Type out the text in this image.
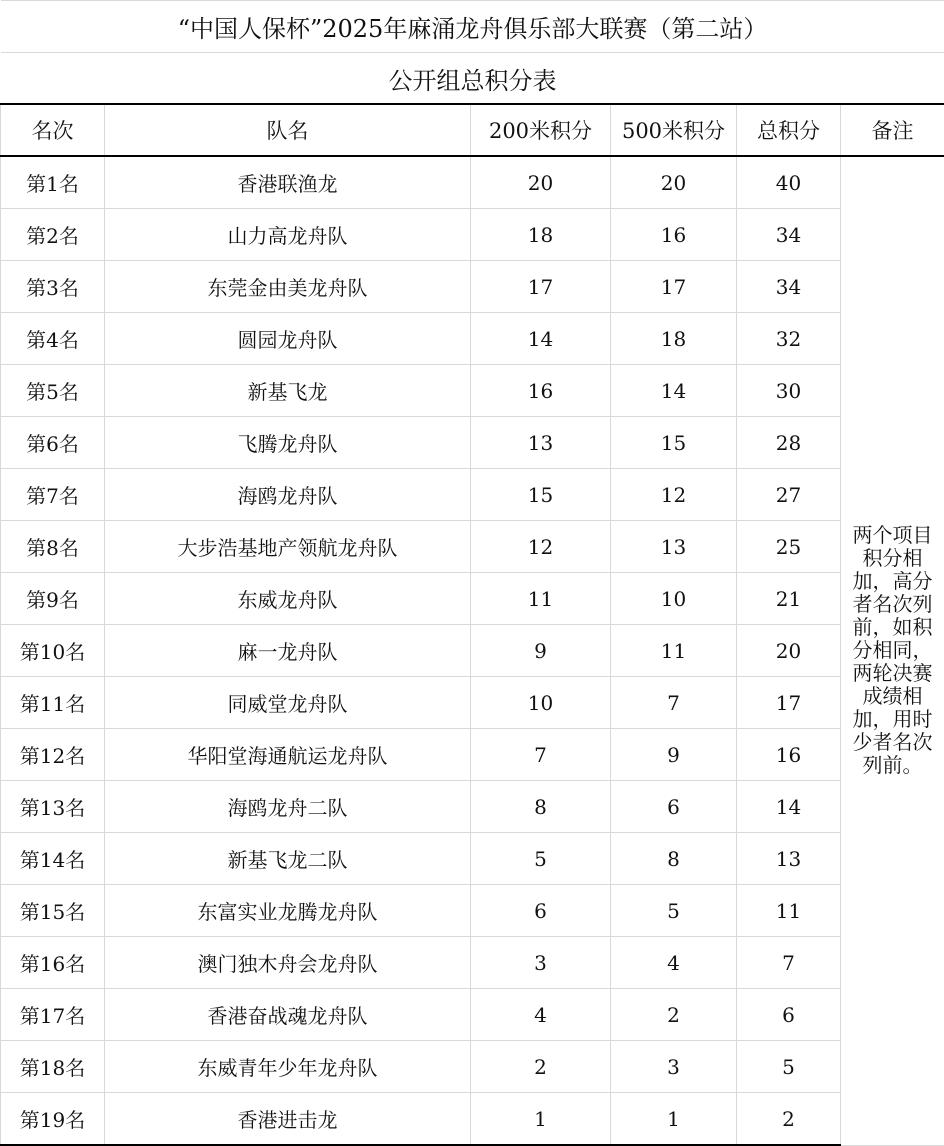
“中国人保杯”2025年麻涌龙舟俱乐部大联赛（第二站）					
公开组总积分表					
名次	队名	200米积分	500米积分	总积分	备注
第1名	香港联渔龙	20	20	40	两个项目积分相加，高分者名次列前，如积分相同，两轮决赛成绩相加，用时少者名次列前。
第2名	山力高龙舟队	18	16	34	
第3名	东莞金由美龙舟队	17	17	34	
第4名	圆园龙舟队	14	18	32	
第5名	新基飞龙	16	14	30	
第6名	飞腾龙舟队	13	15	28	
第7名	海鸥龙舟队	15	12	27	
第8名	大步浩基地产领航龙舟队	12	13	25	
第9名	东威龙舟队	11	10	21	
第10名	麻一龙舟队	9	11	20	
第11名	同威堂龙舟队	10	7	17	
第12名	华阳堂海通航运龙舟队	7	9	16	
第13名	海鸥龙舟二队	8	6	14	
第14名	新基飞龙二队	5	8	13	
第15名	东富实业龙腾龙舟队	6	5	11	
第16名	澳门独木舟会龙舟队	3	4	7	
第17名	香港奋战魂龙舟队	4	2	6	
第18名	东威青年少年龙舟队	2	3	5	
第19名	香港进击龙	1	1	2	
